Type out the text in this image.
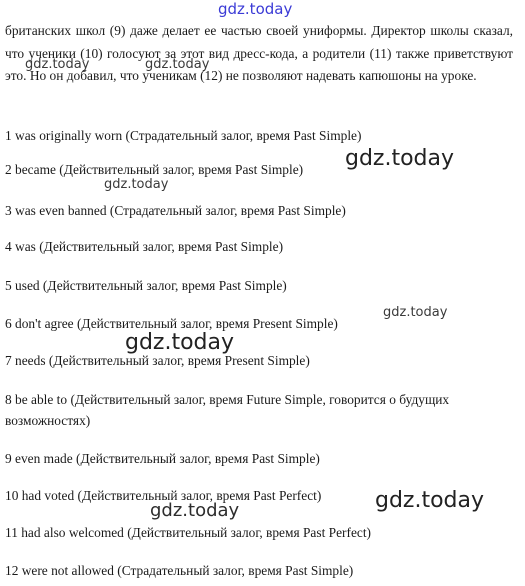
gdz.today

британских школ (9) даже делает ее частью своей униформы. Директор школы сказал, что ученики (10) голосуют за этот вид дресс-кода, а родители (11) также приветствуют это. Но он добавил, что ученикам (12) не позволяют надевать капюшоны на уроке.

1 was originally worn (Страдательный залог, время Past Simple)

2 became (Действительный залог, время Past Simple)

3 was even banned (Страдательный залог, время Past Simple)

4 was (Действительный залог, время Past Simple)

5 used (Действительный залог, время Past Simple)

6 don't agree (Действительный залог, время Present Simple)

7 needs (Действительный залог, время Present Simple)

8 be able to (Действительный залог, время Future Simple, говорится о будущих возможностях)

9 even made (Действительный залог, время Past Simple)

10 had voted (Действительный залог, время Past Perfect)

11 had also welcomed (Действительный залог, время Past Perfect)

12 were not allowed (Страдательный залог, время Past Simple)

gdz.today	gdz.today
gdz.today
gdz.today
gdz.today
gdz.today
gdz.today
gdz.today
